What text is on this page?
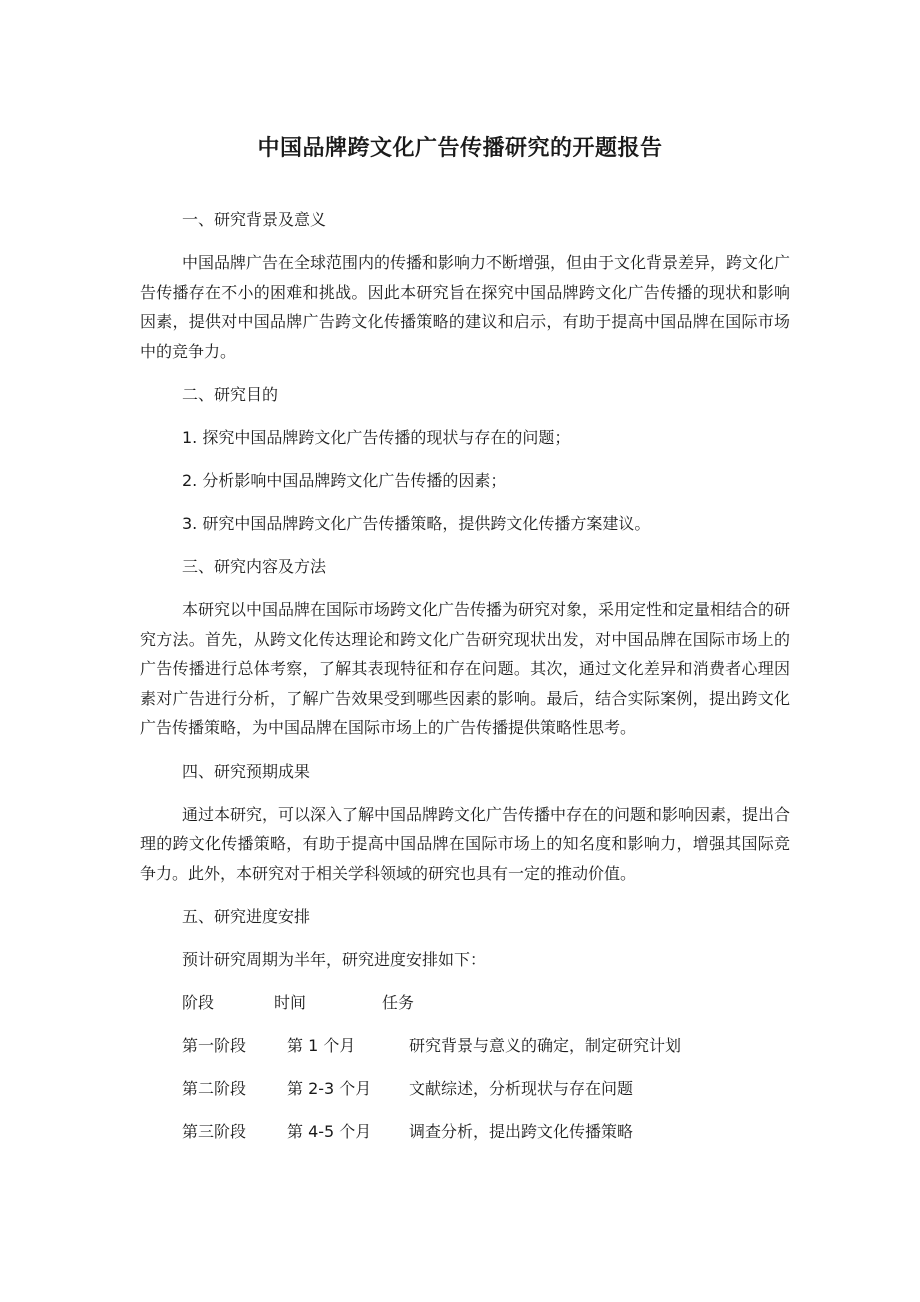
中国品牌跨文化广告传播研究的开题报告

一、研究背景及意义

中国品牌广告在全球范围内的传播和影响力不断增强，但由于文化背景差异，跨文化广告传播存在不小的困难和挑战。因此本研究旨在探究中国品牌跨文化广告传播的现状和影响因素，提供对中国品牌广告跨文化传播策略的建议和启示，有助于提高中国品牌在国际市场中的竞争力。

二、研究目的

1. 探究中国品牌跨文化广告传播的现状与存在的问题；

2. 分析影响中国品牌跨文化广告传播的因素；

3. 研究中国品牌跨文化广告传播策略，提供跨文化传播方案建议。

三、研究内容及方法

本研究以中国品牌在国际市场跨文化广告传播为研究对象，采用定性和定量相结合的研究方法。首先，从跨文化传达理论和跨文化广告研究现状出发，对中国品牌在国际市场上的广告传播进行总体考察，了解其表现特征和存在问题。其次，通过文化差异和消费者心理因素对广告进行分析，了解广告效果受到哪些因素的影响。最后，结合实际案例，提出跨文化广告传播策略，为中国品牌在国际市场上的广告传播提供策略性思考。

四、研究预期成果

通过本研究，可以深入了解中国品牌跨文化广告传播中存在的问题和影响因素，提出合理的跨文化传播策略，有助于提高中国品牌在国际市场上的知名度和影响力，增强其国际竞争力。此外，本研究对于相关学科领域的研究也具有一定的推动价值。

五、研究进度安排

预计研究周期为半年，研究进度安排如下：

阶段	时间	任务
第一阶段	第 1 个月	研究背景与意义的确定，制定研究计划
第二阶段	第 2-3 个月	文献综述，分析现状与存在问题
第三阶段	第 4-5 个月	调查分析，提出跨文化传播策略
